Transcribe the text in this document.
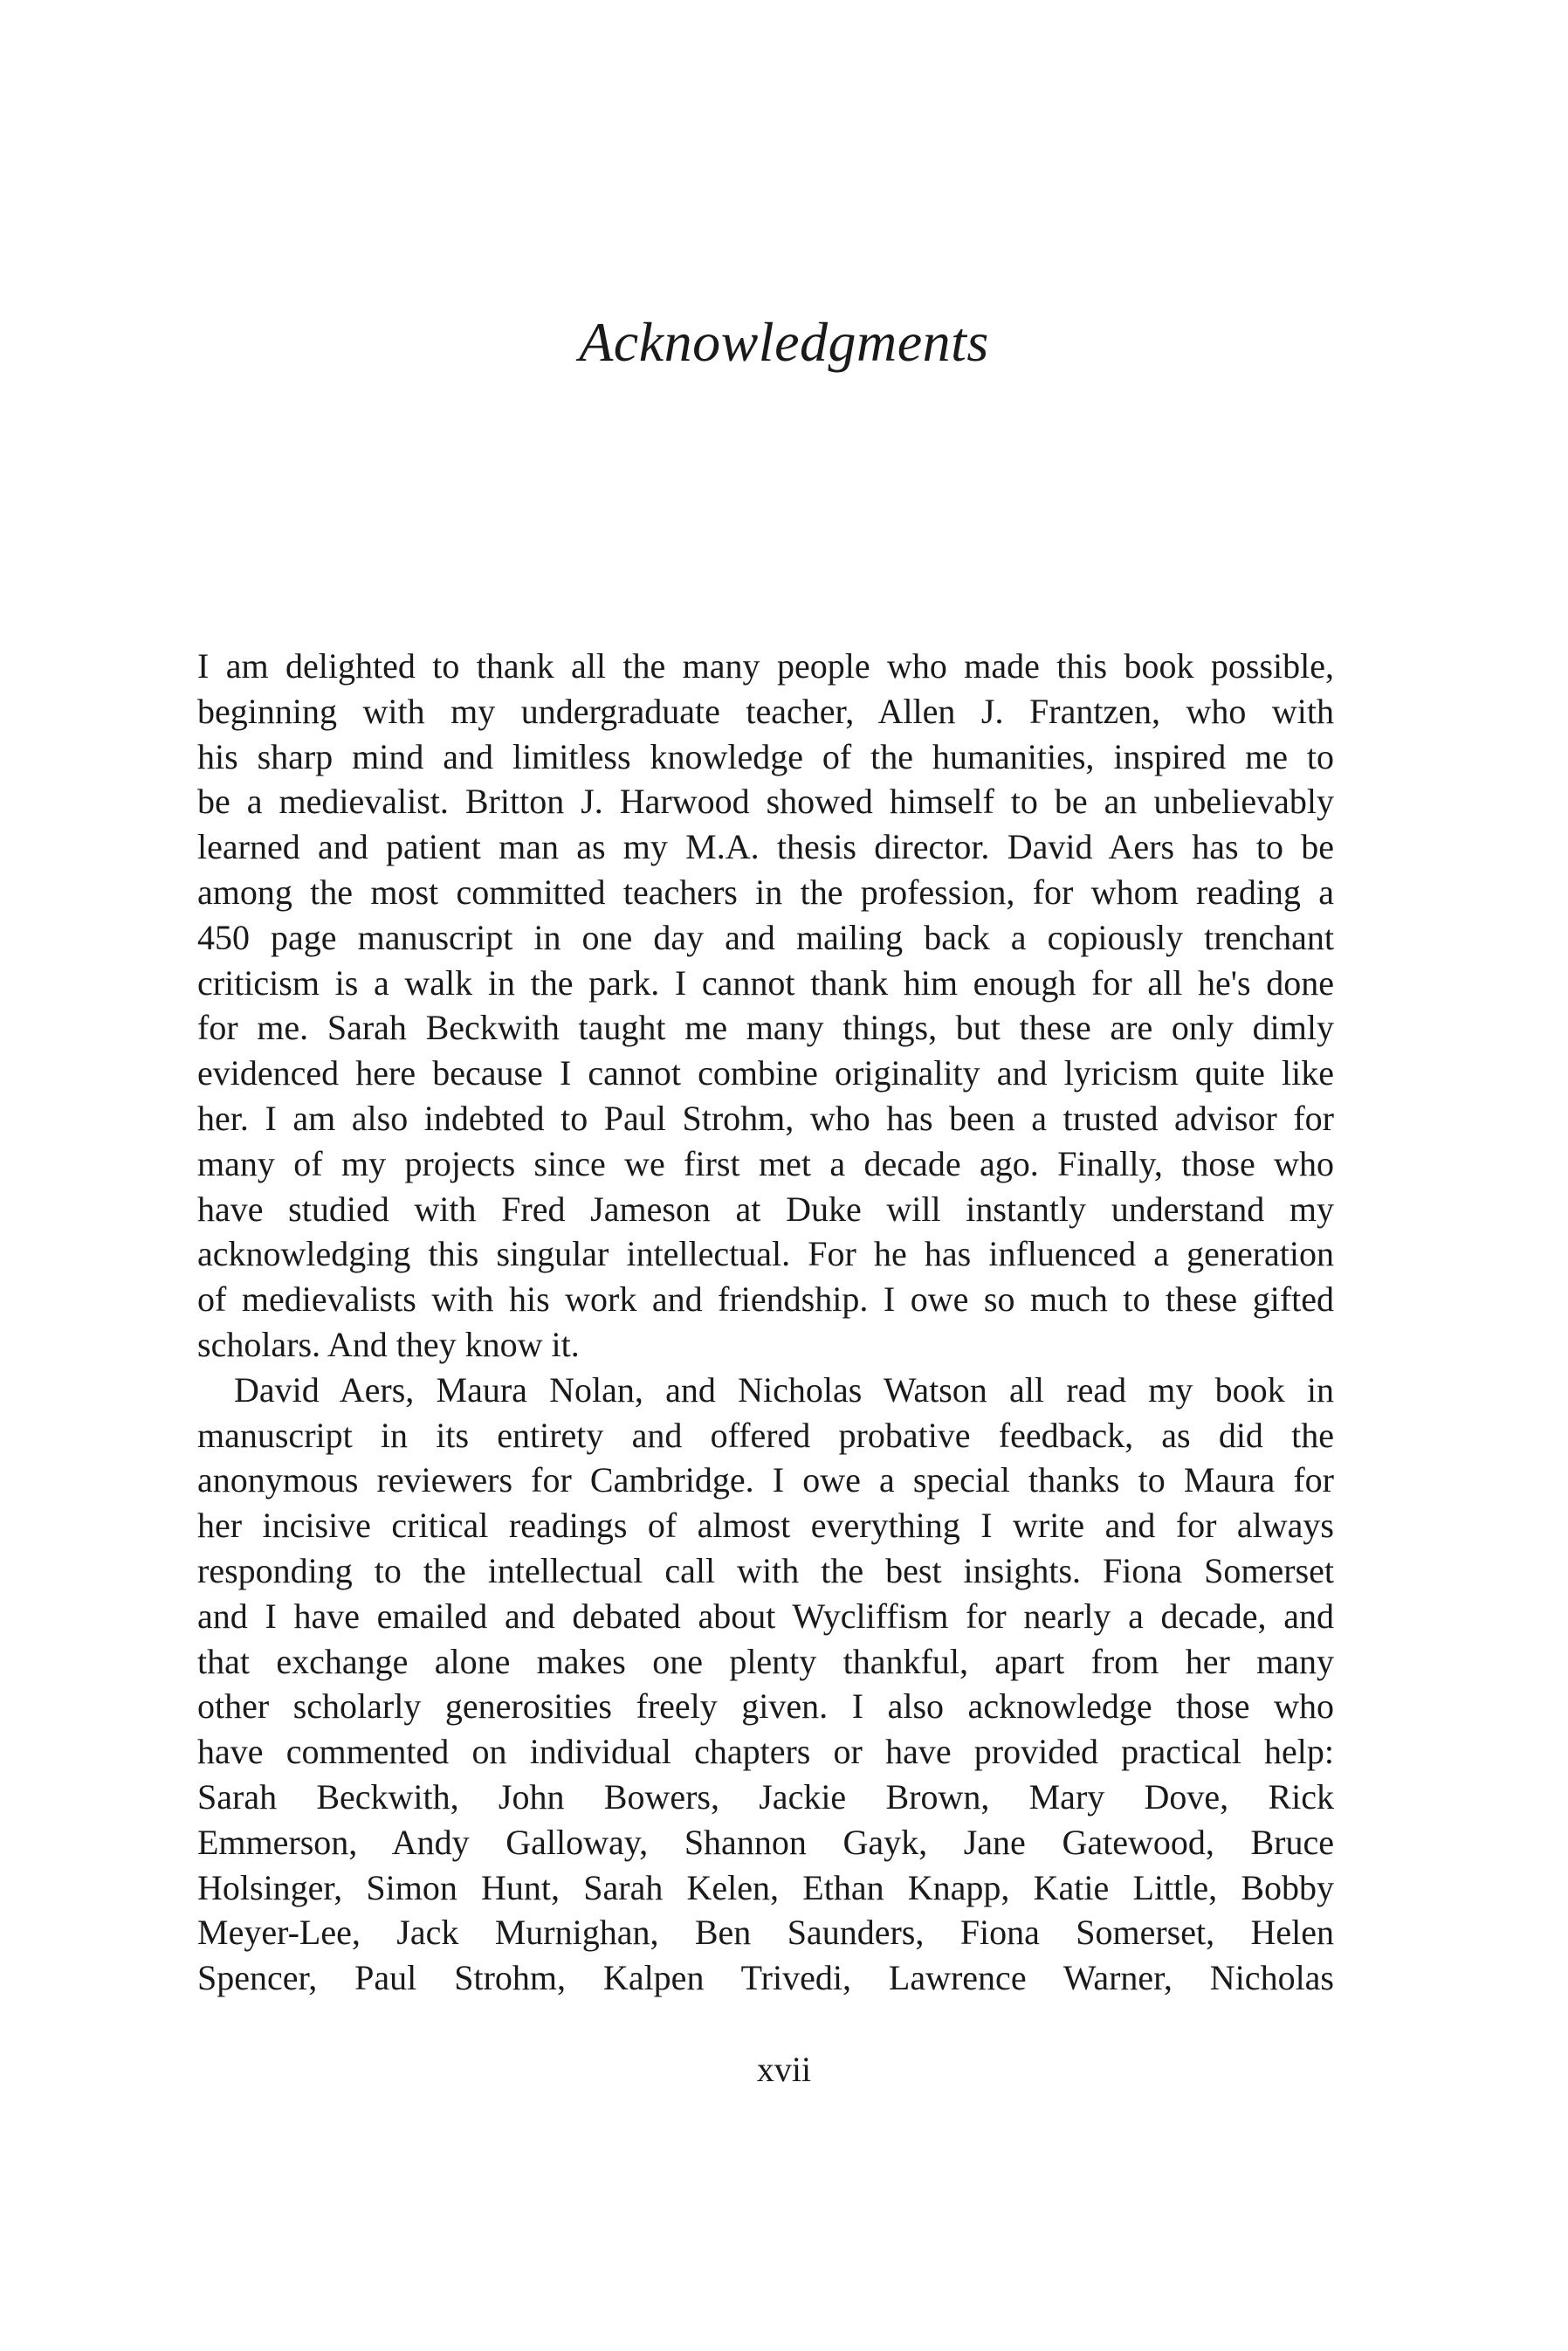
Acknowledgments

I am delighted to thank all the many people who made this book possible,
beginning with my undergraduate teacher, Allen J. Frantzen, who with
his sharp mind and limitless knowledge of the humanities, inspired me to
be a medievalist. Britton J. Harwood showed himself to be an unbelievably
learned and patient man as my M.A. thesis director. David Aers has to be
among the most committed teachers in the profession, for whom reading a
450 page manuscript in one day and mailing back a copiously trenchant
criticism is a walk in the park. I cannot thank him enough for all he's done
for me. Sarah Beckwith taught me many things, but these are only dimly
evidenced here because I cannot combine originality and lyricism quite like
her. I am also indebted to Paul Strohm, who has been a trusted advisor for
many of my projects since we first met a decade ago. Finally, those who
have studied with Fred Jameson at Duke will instantly understand my
acknowledging this singular intellectual. For he has influenced a generation
of medievalists with his work and friendship. I owe so much to these gifted
scholars. And they know it.

David Aers, Maura Nolan, and Nicholas Watson all read my book in
manuscript in its entirety and offered probative feedback, as did the
anonymous reviewers for Cambridge. I owe a special thanks to Maura for
her incisive critical readings of almost everything I write and for always
responding to the intellectual call with the best insights. Fiona Somerset
and I have emailed and debated about Wycliffism for nearly a decade, and
that exchange alone makes one plenty thankful, apart from her many
other scholarly generosities freely given. I also acknowledge those who
have commented on individual chapters or have provided practical help:
Sarah Beckwith, John Bowers, Jackie Brown, Mary Dove, Rick
Emmerson, Andy Galloway, Shannon Gayk, Jane Gatewood, Bruce
Holsinger, Simon Hunt, Sarah Kelen, Ethan Knapp, Katie Little, Bobby
Meyer-Lee, Jack Murnighan, Ben Saunders, Fiona Somerset, Helen
Spencer, Paul Strohm, Kalpen Trivedi, Lawrence Warner, Nicholas

xvii
